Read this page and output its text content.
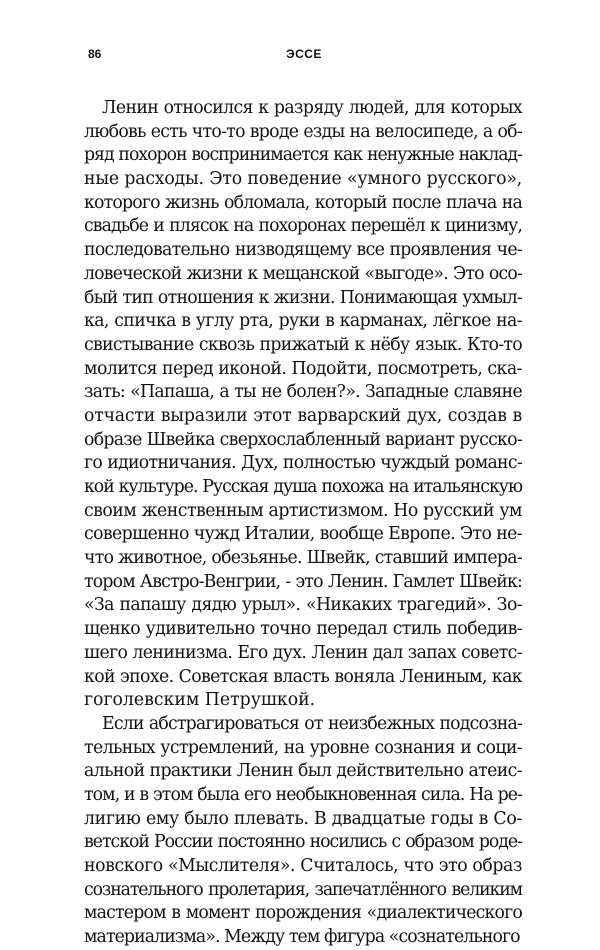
86	ЭССЕ
Ленин относился к разряду людей, для которых
любовь есть что-то вроде езды на велосипеде, а об-
ряд похорон воспринимается как ненужные наклад-
ные расходы. Это поведение «умного русского»,
которого жизнь обломала, который после плача на
свадьбе и плясок на похоронах перешёл к цинизму,
последовательно низводящему все проявления че-
ловеческой жизни к мещанской «выгоде». Это осо-
бый тип отношения к жизни. Понимающая ухмыл-
ка, спичка в углу рта, руки в карманах, лёгкое на-
свистывание сквозь прижатый к нёбу язык. Кто-то
молится перед иконой. Подойти, посмотреть, ска-
зать: «Папаша, а ты не болен?». Западные славяне
отчасти выразили этот варварский дух, создав в
образе Швейка сверхослабленный вариант русско-
го идиотничания. Дух, полностью чуждый романс-
кой культуре. Русская душа похожа на итальянскую
своим женственным артистизмом. Но русский ум
совершенно чужд Италии, вообще Европе. Это не-
что животное, обезьянье. Швейк, ставший импера-
тором Австро-Венгрии, - это Ленин. Гамлет Швейк:
«За папашу дядю урыл». «Никаких трагедий». Зо-
щенко удивительно точно передал стиль победив-
шего ленинизма. Его дух. Ленин дал запах советс-
кой эпохе. Советская власть воняла Лениным, как
гоголевским Петрушкой.
Если абстрагироваться от неизбежных подсозна-
тельных устремлений, на уровне сознания и соци-
альной практики Ленин был действительно атеис-
том, и в этом была его необыкновенная сила. На ре-
лигию ему было плевать. В двадцатые годы в Со-
ветской России постоянно носились с образом роде-
новского «Мыслителя». Считалось, что это образ
сознательного пролетария, запечатлённого великим
мастером в момент порождения «диалектического
материализма». Между тем фигура «сознательного
